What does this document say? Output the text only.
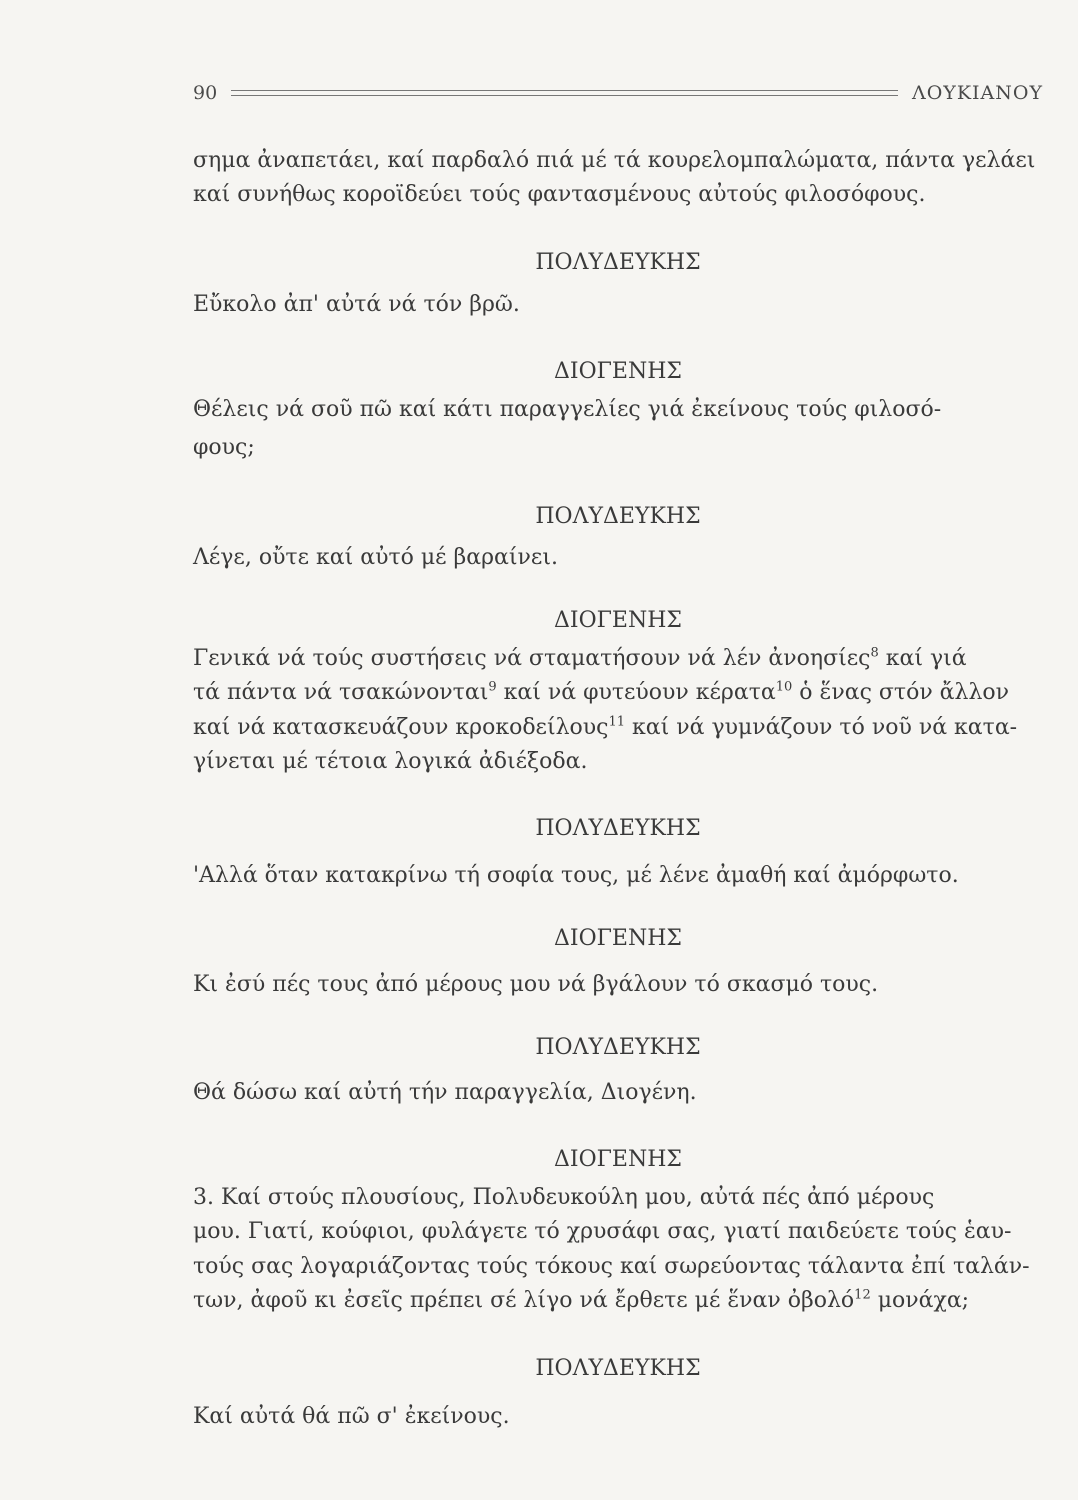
90	ΛΟΥΚΙΑΝΟΥ
σημα ἀναπετάει, καί παρδαλό πιά μέ τά κουρελομπαλώματα, πάντα γελάει
καί συνήθως κοροϊδεύει τούς φαντασμένους αὐτούς φιλοσόφους.
ΠΟΛΥΔΕΥΚΗΣ
Εὔκολο ἀπ' αὐτά νά τόν βρῶ.
ΔΙΟΓΕΝΗΣ
Θέλεις νά σοῦ πῶ καί κάτι παραγγελίες γιά ἐκείνους τούς φιλοσό-
φους;
ΠΟΛΥΔΕΥΚΗΣ
Λέγε, οὔτε καί αὐτό μέ βαραίνει.
ΔΙΟΓΕΝΗΣ
Γενικά νά τούς συστήσεις νά σταματήσουν νά λέν ἀνοησίες$^8$ καί γιά
τά πάντα νά τσακώνονται$^9$ καί νά φυτεύουν κέρατα$^{10}$ ὁ ἕνας στόν ἄλλον
καί νά κατασκευάζουν κροκοδείλους$^{11}$ καί νά γυμνάζουν τό νοῦ νά κατα-
γίνεται μέ τέτοια λογικά ἀδιέξοδα.
ΠΟΛΥΔΕΥΚΗΣ
'Αλλά ὅταν κατακρίνω τή σοφία τους, μέ λένε ἀμαθή καί ἀμόρφωτο.
ΔΙΟΓΕΝΗΣ
Κι ἐσύ πές τους ἀπό μέρους μου νά βγάλουν τό σκασμό τους.
ΠΟΛΥΔΕΥΚΗΣ
Θά δώσω καί αὐτή τήν παραγγελία, Διογένη.
ΔΙΟΓΕΝΗΣ
3. Καί στούς πλουσίους, Πολυδευκούλη μου, αὐτά πές ἀπό μέρους
μου. Γιατί, κούφιοι, φυλάγετε τό χρυσάφι σας, γιατί παιδεύετε τούς ἑαυ-
τούς σας λογαριάζοντας τούς τόκους καί σωρεύοντας τάλαντα ἐπί ταλάν-
των, ἀφοῦ κι ἐσεῖς πρέπει σέ λίγο νά ἔρθετε μέ ἕναν ὀβολό$^{12}$ μονάχα;
ΠΟΛΥΔΕΥΚΗΣ
Καί αὐτά θά πῶ σ' ἐκείνους.
